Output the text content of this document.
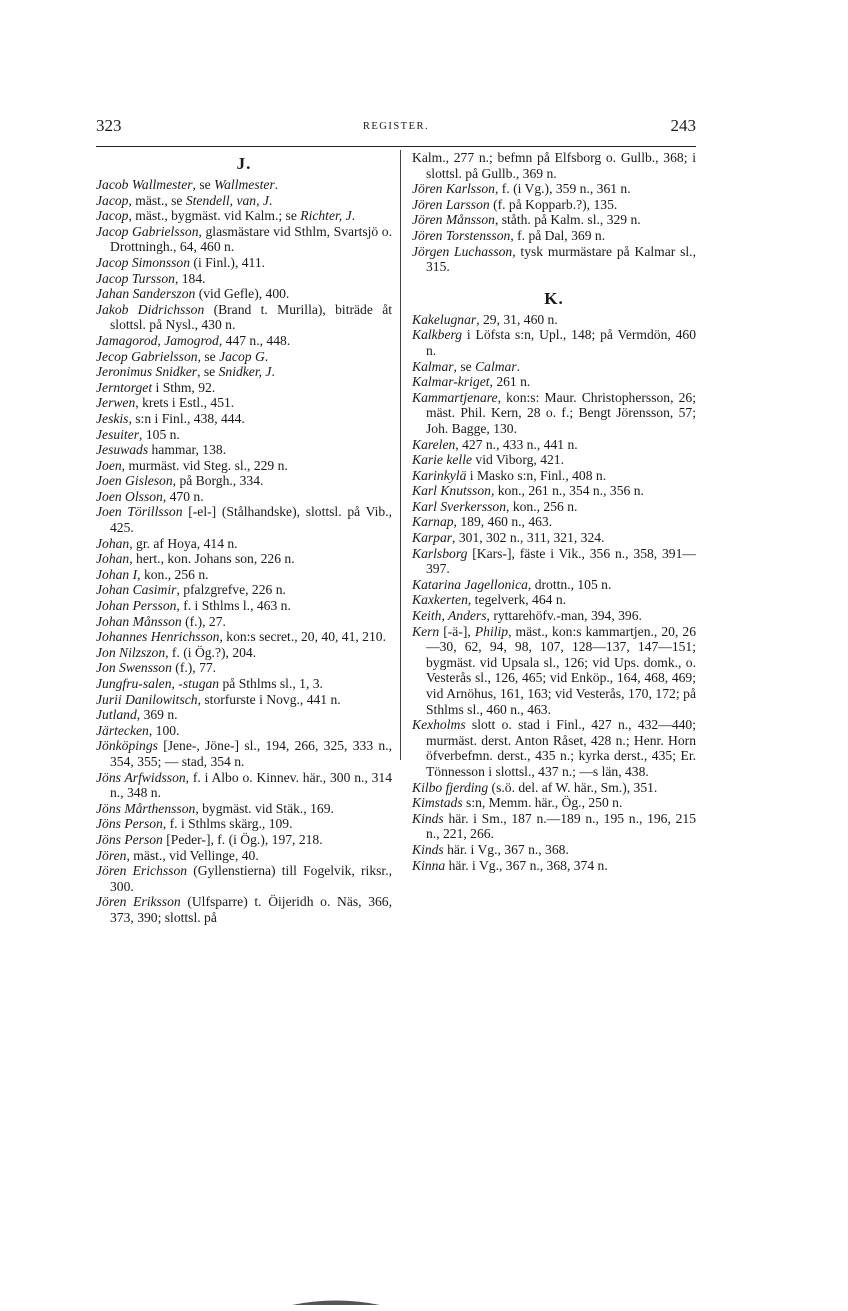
323	REGISTER.	243
J.
Jacob Wallmester, se Wallmester.
Jacop, mäst., se Stendell, van, J.
Jacop, mäst., bygmäst. vid Kalm.; se Richter, J.
Jacop Gabrielsson, glasmästare vid Sthlm, Svartsjö o. Drottningh., 64, 460 n.
Jacop Simonsson (i Finl.), 411.
Jacop Tursson, 184.
Jahan Sanderszon (vid Gefle), 400.
Jakob Didrichsson (Brand t. Murilla), biträde åt slottsl. på Nysl., 430 n.
Jamagorod, Jamogrod, 447 n., 448.
Jecop Gabrielsson, se Jacop G.
Jeronimus Snidker, se Snidker, J.
Jerntorget i Sthm, 92.
Jerwen, krets i Estl., 451.
Jeskis, s:n i Finl., 438, 444.
Jesuiter, 105 n.
Jesuwads hammar, 138.
Joen, murmäst. vid Steg. sl., 229 n.
Joen Gisleson, på Borgh., 334.
Joen Olsson, 470 n.
Joen Törillsson [-el-] (Stålhandske), slottsl. på Vib., 425.
Johan, gr. af Hoya, 414 n.
Johan, hert., kon. Johans son, 226 n.
Johan I, kon., 256 n.
Johan Casimir, pfalzgrefve, 226 n.
Johan Persson, f. i Sthlms l., 463 n.
Johan Månsson (f.), 27.
Johannes Henrichsson, kon:s secret., 20, 40, 41, 210.
Jon Nilzszon, f. (i Ög.?), 204.
Jon Swensson (f.), 77.
Jungfru-salen, -stugan på Sthlms sl., 1, 3.
Jurii Danilowitsch, storfurste i Novg., 441 n.
Jutland, 369 n.
Järtecken, 100.
Jönköpings [Jene-, Jöne-] sl., 194, 266, 325, 333 n., 354, 355; — stad, 354 n.
Jöns Arfwidsson, f. i Albo o. Kinnev. här., 300 n., 314 n., 348 n.
Jöns Mårthensson, bygmäst. vid Stäk., 169.
Jöns Person, f. i Sthlms skärg., 109.
Jöns Person [Peder-], f. (i Ög.), 197, 218.
Jören, mäst., vid Vellinge, 40.
Jören Erichsson (Gyllenstierna) till Fogelvik, riksr., 300.
Jören Eriksson (Ulfsparre) t. Öijeridh o. Näs, 366, 373, 390; slottsl. på
Kalm., 277 n.; befmn på Elfsborg o. Gullb., 368; i slottsl. på Gullb., 369 n.
Jören Karlsson, f. (i Vg.), 359 n., 361 n.
Jören Larsson (f. på Kopparb.?), 135.
Jören Månsson, ståth. på Kalm. sl., 329 n.
Jören Torstensson, f. på Dal, 369 n.
Jörgen Luchasson, tysk murmästare på Kalmar sl., 315.
K.
Kakelugnar, 29, 31, 460 n.
Kalkberg i Löfsta s:n, Upl., 148; på Vermdön, 460 n.
Kalmar, se Calmar.
Kalmar-kriget, 261 n.
Kammartjenare, kon:s: Maur. Christophersson, 26; mäst. Phil. Kern, 28 o. f.; Bengt Jörensson, 57; Joh. Bagge, 130.
Karelen, 427 n., 433 n., 441 n.
Karie kelle vid Viborg, 421.
Karinkylä i Masko s:n, Finl., 408 n.
Karl Knutsson, kon., 261 n., 354 n., 356 n.
Karl Sverkersson, kon., 256 n.
Karnap, 189, 460 n., 463.
Karpar, 301, 302 n., 311, 321, 324.
Karlsborg [Kars-], fäste i Vik., 356 n., 358, 391—397.
Katarina Jagellonica, drottn., 105 n.
Kaxkerten, tegelverk, 464 n.
Keith, Anders, ryttarehöfv.-man, 394, 396.
Kern [-ä-], Philip, mäst., kon:s kammartjen., 20, 26—30, 62, 94, 98, 107, 128—137, 147—151; bygmäst. vid Upsala sl., 126; vid Ups. domk., o. Vesterås sl., 126, 465; vid Enköp., 164, 468, 469; vid Arnöhus, 161, 163; vid Vesterås, 170, 172; på Sthlms sl., 460 n., 463.
Kexholms slott o. stad i Finl., 427 n., 432—440; murmäst. derst. Anton Råset, 428 n.; Henr. Horn öfverbefmn. derst., 435 n.; kyrka derst., 435; Er. Tönnesson i slottsl., 437 n.; —s län, 438.
Kilbo fjerding (s.ö. del. af W. här., Sm.), 351.
Kimstads s:n, Memm. här., Ög., 250 n.
Kinds här. i Sm., 187 n.—189 n., 195 n., 196, 215 n., 221, 266.
Kinds här. i Vg., 367 n., 368.
Kinna här. i Vg., 367 n., 368, 374 n.
